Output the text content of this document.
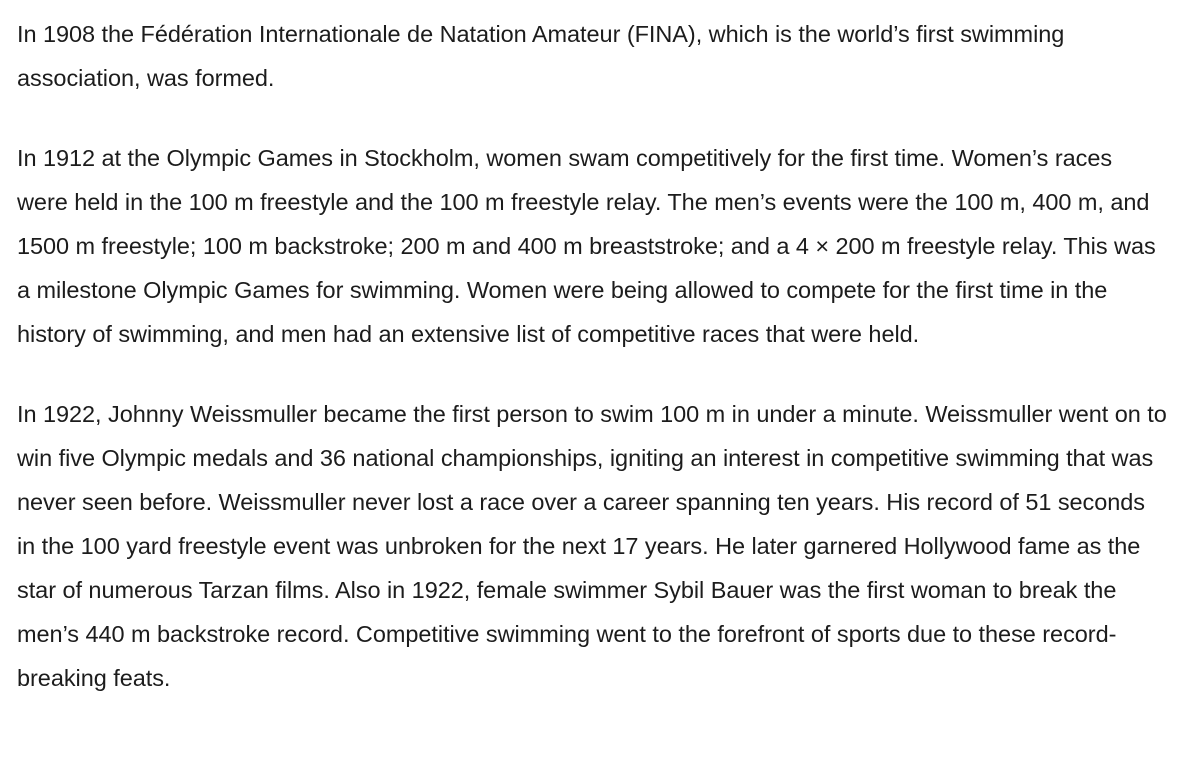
In 1908 the Fédération Internationale de Natation Amateur (FINA), which is the world’s first swimming association, was formed.

In 1912 at the Olympic Games in Stockholm, women swam competitively for the first time. Women’s races were held in the 100 m freestyle and the 100 m freestyle relay. The men’s events were the 100 m, 400 m, and 1500 m freestyle; 100 m backstroke; 200 m and 400 m breaststroke; and a 4 × 200 m freestyle relay. This was a milestone Olympic Games for swimming. Women were being allowed to compete for the first time in the history of swimming, and men had an extensive list of competitive races that were held.

In 1922, Johnny Weissmuller became the first person to swim 100 m in under a minute. Weissmuller went on to win five Olympic medals and 36 national championships, igniting an interest in competitive swimming that was never seen before. Weissmuller never lost a race over a career spanning ten years. His record of 51 seconds in the 100 yard freestyle event was unbroken for the next 17 years. He later garnered Hollywood fame as the star of numerous Tarzan films. Also in 1922, female swimmer Sybil Bauer was the first woman to break the men’s 440 m backstroke record. Competitive swimming went to the forefront of sports due to these record-breaking feats.
